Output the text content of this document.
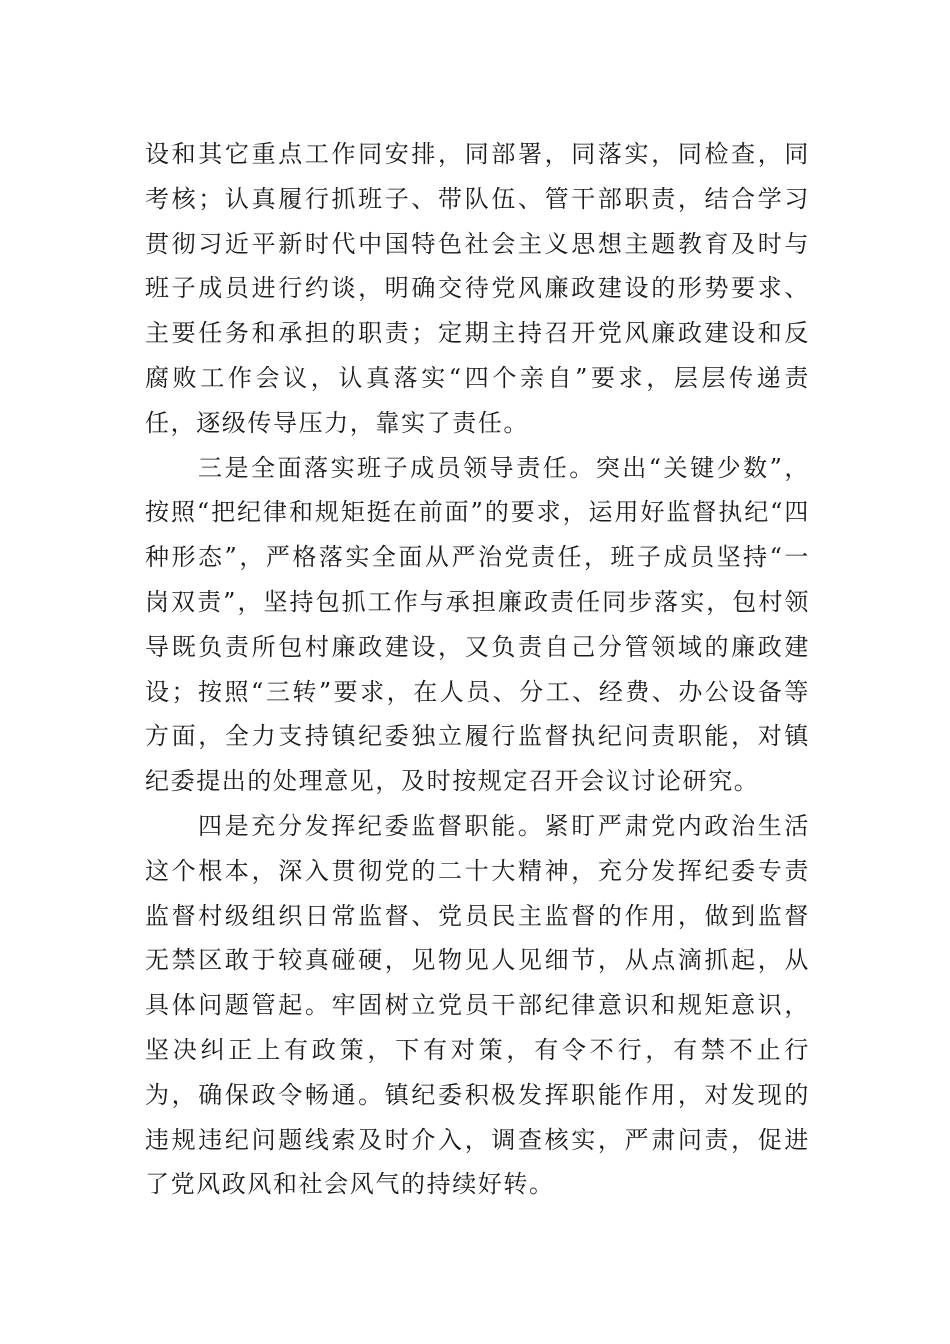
设和其它重点工作同安排，同部署，同落实，同检查，同考核；认真履行抓班子、带队伍、管干部职责，结合学习贯彻习近平新时代中国特色社会主义思想主题教育及时与班子成员进行约谈，明确交待党风廉政建设的形势要求、主要任务和承担的职责；定期主持召开党风廉政建设和反腐败工作会议，认真落实“四个亲自”要求，层层传递责任，逐级传导压力，靠实了责任。

三是全面落实班子成员领导责任。突出“关键少数”，按照“把纪律和规矩挺在前面”的要求，运用好监督执纪“四种形态”，严格落实全面从严治党责任，班子成员坚持“一岗双责”，坚持包抓工作与承担廉政责任同步落实，包村领导既负责所包村廉政建设，又负责自己分管领域的廉政建设；按照“三转”要求，在人员、分工、经费、办公设备等方面，全力支持镇纪委独立履行监督执纪问责职能，对镇纪委提出的处理意见，及时按规定召开会议讨论研究。

四是充分发挥纪委监督职能。紧盯严肃党内政治生活这个根本，深入贯彻党的二十大精神，充分发挥纪委专责监督村级组织日常监督、党员民主监督的作用，做到监督无禁区敢于较真碰硬，见物见人见细节，从点滴抓起，从具体问题管起。牢固树立党员干部纪律意识和规矩意识，坚决纠正上有政策，下有对策，有令不行，有禁不止行为，确保政令畅通。镇纪委积极发挥职能作用，对发现的违规违纪问题线索及时介入，调查核实，严肃问责，促进了党风政风和社会风气的持续好转。
